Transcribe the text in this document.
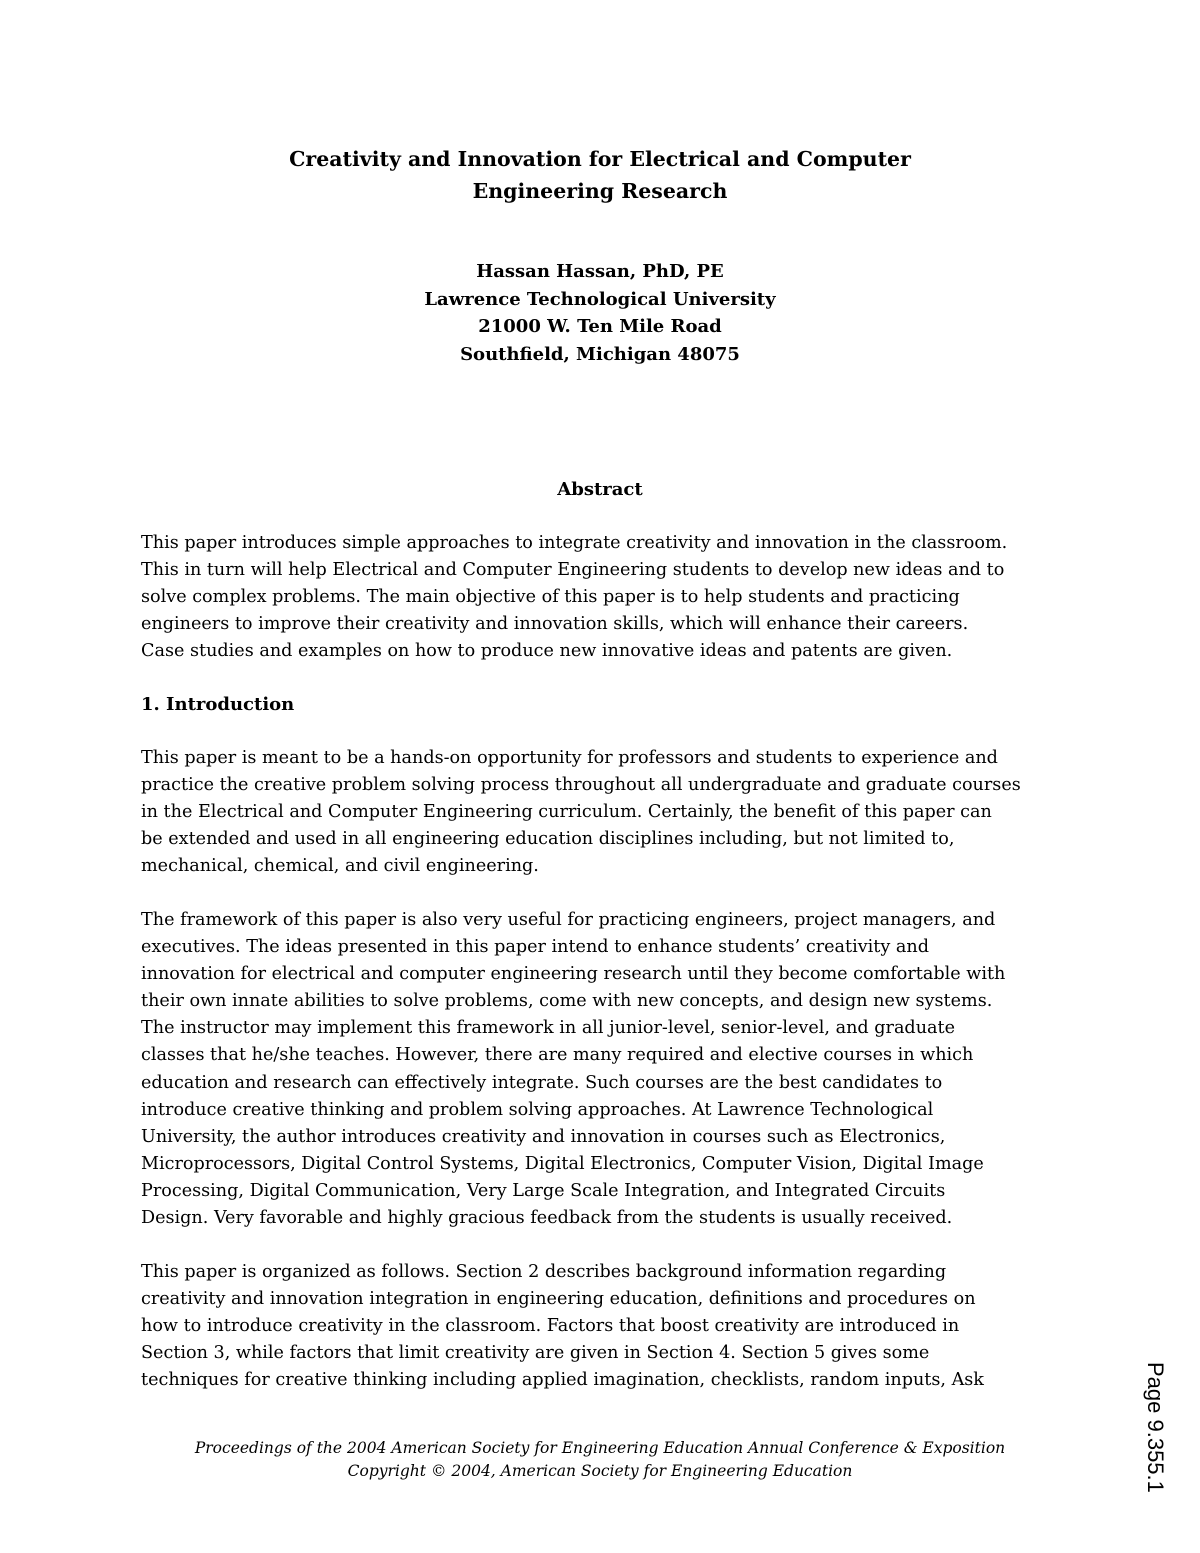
Creativity and Innovation for Electrical and Computer
Engineering Research
Hassan Hassan, PhD, PE
Lawrence Technological University
21000 W. Ten Mile Road
Southfield, Michigan 48075
Abstract
This paper introduces simple approaches to integrate creativity and innovation in the classroom.
This in turn will help Electrical and Computer Engineering students to develop new ideas and to
solve complex problems. The main objective of this paper is to help students and practicing
engineers to improve their creativity and innovation skills, which will enhance their careers.
Case studies and examples on how to produce new innovative ideas and patents are given.
1. Introduction
This paper is meant to be a hands-on opportunity for professors and students to experience and
practice the creative problem solving process throughout all undergraduate and graduate courses
in the Electrical and Computer Engineering curriculum. Certainly, the benefit of this paper can
be extended and used in all engineering education disciplines including, but not limited to,
mechanical, chemical, and civil engineering.
The framework of this paper is also very useful for practicing engineers, project managers, and
executives. The ideas presented in this paper intend to enhance students’ creativity and
innovation for electrical and computer engineering research until they become comfortable with
their own innate abilities to solve problems, come with new concepts, and design new systems.
The instructor may implement this framework in all junior-level, senior-level, and graduate
classes that he/she teaches. However, there are many required and elective courses in which
education and research can effectively integrate. Such courses are the best candidates to
introduce creative thinking and problem solving approaches. At Lawrence Technological
University, the author introduces creativity and innovation in courses such as Electronics,
Microprocessors, Digital Control Systems, Digital Electronics, Computer Vision, Digital Image
Processing, Digital Communication, Very Large Scale Integration, and Integrated Circuits
Design. Very favorable and highly gracious feedback from the students is usually received.
This paper is organized as follows. Section 2 describes background information regarding
creativity and innovation integration in engineering education, definitions and procedures on
how to introduce creativity in the classroom. Factors that boost creativity are introduced in
Section 3, while factors that limit creativity are given in Section 4. Section 5 gives some
techniques for creative thinking including applied imagination, checklists, random inputs, Ask
Proceedings of the 2004 American Society for Engineering Education Annual Conference & Exposition
Copyright © 2004, American Society for Engineering Education	Page 9.355.1
